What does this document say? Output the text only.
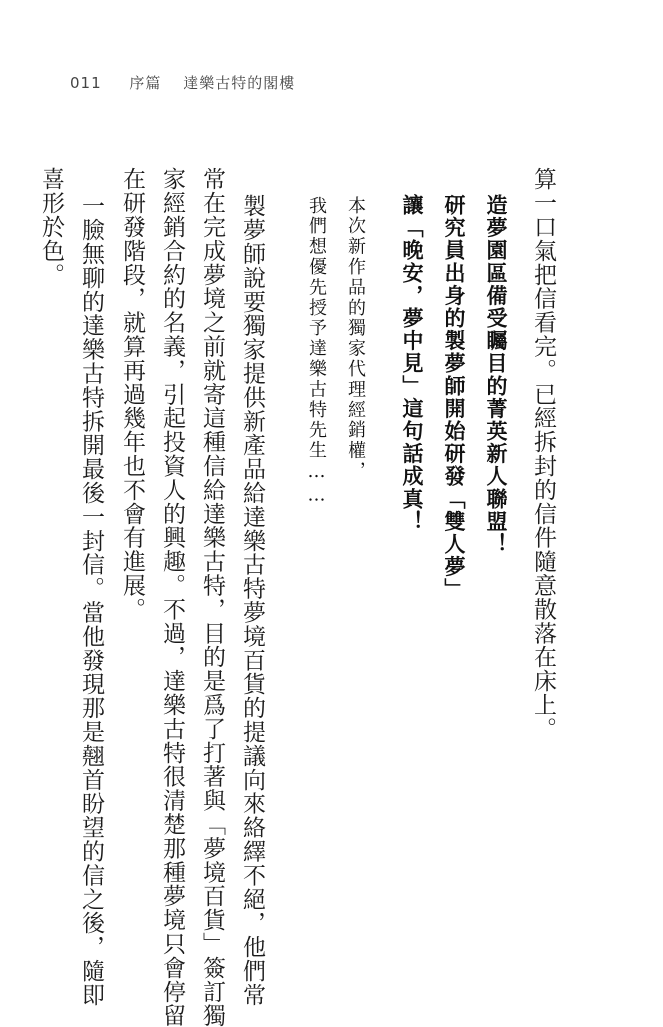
011 序篇 達樂古特的閣樓
算一口氣把信看完。已經拆封的信件隨意散落在床上。
造夢園區備受矚目的菁英新人聯盟！
研究員出身的製夢師開始研發「雙人夢」
讓「晚安，夢中見」這句話成真！
本次新作品的獨家代理經銷權，
我們想優先授予達樂古特先生……
製夢師說要獨家提供新產品給達樂古特夢境百貨的提議向來絡繹不絕，他們常
常在完成夢境之前就寄這種信給達樂古特，目的是爲了打著與「夢境百貨」簽訂獨
家經銷合約的名義，引起投資人的興趣。不過，達樂古特很清楚那種夢境只會停留
在研發階段，就算再過幾年也不會有進展。
一臉無聊的達樂古特拆開最後一封信。當他發現那是翹首盼望的信之後，隨即
喜形於色。
